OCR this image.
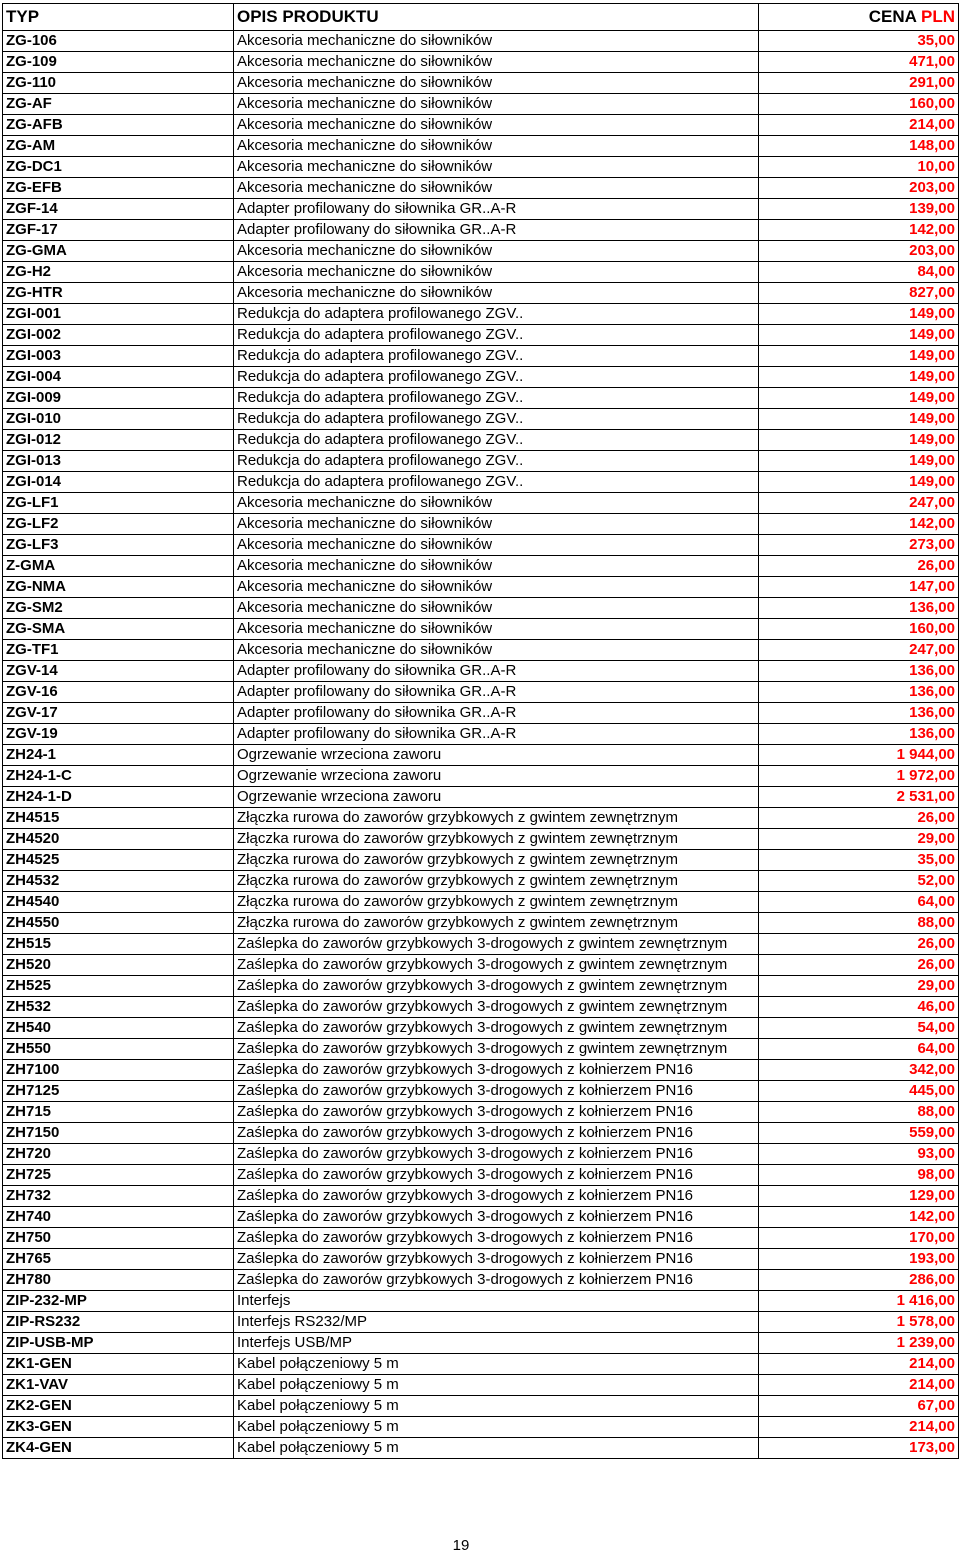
TYP	OPIS PRODUKTU	CENA PLN
ZG-106	Akcesoria mechaniczne do siłowników	35,00
ZG-109	Akcesoria mechaniczne do siłowników	471,00
ZG-110	Akcesoria mechaniczne do siłowników	291,00
ZG-AF	Akcesoria mechaniczne do siłowników	160,00
ZG-AFB	Akcesoria mechaniczne do siłowników	214,00
ZG-AM	Akcesoria mechaniczne do siłowników	148,00
ZG-DC1	Akcesoria mechaniczne do siłowników	10,00
ZG-EFB	Akcesoria mechaniczne do siłowników	203,00
ZGF-14	Adapter profilowany do siłownika GR..A-R	139,00
ZGF-17	Adapter profilowany do siłownika GR..A-R	142,00
ZG-GMA	Akcesoria mechaniczne do siłowników	203,00
ZG-H2	Akcesoria mechaniczne do siłowników	84,00
ZG-HTR	Akcesoria mechaniczne do siłowników	827,00
ZGI-001	Redukcja do adaptera profilowanego ZGV..	149,00
ZGI-002	Redukcja do adaptera profilowanego ZGV..	149,00
ZGI-003	Redukcja do adaptera profilowanego ZGV..	149,00
ZGI-004	Redukcja do adaptera profilowanego ZGV..	149,00
ZGI-009	Redukcja do adaptera profilowanego ZGV..	149,00
ZGI-010	Redukcja do adaptera profilowanego ZGV..	149,00
ZGI-012	Redukcja do adaptera profilowanego ZGV..	149,00
ZGI-013	Redukcja do adaptera profilowanego ZGV..	149,00
ZGI-014	Redukcja do adaptera profilowanego ZGV..	149,00
ZG-LF1	Akcesoria mechaniczne do siłowników	247,00
ZG-LF2	Akcesoria mechaniczne do siłowników	142,00
ZG-LF3	Akcesoria mechaniczne do siłowników	273,00
Z-GMA	Akcesoria mechaniczne do siłowników	26,00
ZG-NMA	Akcesoria mechaniczne do siłowników	147,00
ZG-SM2	Akcesoria mechaniczne do siłowników	136,00
ZG-SMA	Akcesoria mechaniczne do siłowników	160,00
ZG-TF1	Akcesoria mechaniczne do siłowników	247,00
ZGV-14	Adapter profilowany do siłownika GR..A-R	136,00
ZGV-16	Adapter profilowany do siłownika GR..A-R	136,00
ZGV-17	Adapter profilowany do siłownika GR..A-R	136,00
ZGV-19	Adapter profilowany do siłownika GR..A-R	136,00
ZH24-1	Ogrzewanie wrzeciona zaworu	1 944,00
ZH24-1-C	Ogrzewanie wrzeciona zaworu	1 972,00
ZH24-1-D	Ogrzewanie wrzeciona zaworu	2 531,00
ZH4515	Złączka rurowa do zaworów grzybkowych z gwintem zewnętrznym	26,00
ZH4520	Złączka rurowa do zaworów grzybkowych z gwintem zewnętrznym	29,00
ZH4525	Złączka rurowa do zaworów grzybkowych z gwintem zewnętrznym	35,00
ZH4532	Złączka rurowa do zaworów grzybkowych z gwintem zewnętrznym	52,00
ZH4540	Złączka rurowa do zaworów grzybkowych z gwintem zewnętrznym	64,00
ZH4550	Złączka rurowa do zaworów grzybkowych z gwintem zewnętrznym	88,00
ZH515	Zaślepka do zaworów grzybkowych 3-drogowych z gwintem zewnętrznym	26,00
ZH520	Zaślepka do zaworów grzybkowych 3-drogowych z gwintem zewnętrznym	26,00
ZH525	Zaślepka do zaworów grzybkowych 3-drogowych z gwintem zewnętrznym	29,00
ZH532	Zaślepka do zaworów grzybkowych 3-drogowych z gwintem zewnętrznym	46,00
ZH540	Zaślepka do zaworów grzybkowych 3-drogowych z gwintem zewnętrznym	54,00
ZH550	Zaślepka do zaworów grzybkowych 3-drogowych z gwintem zewnętrznym	64,00
ZH7100	Zaślepka do zaworów grzybkowych 3-drogowych z kołnierzem PN16	342,00
ZH7125	Zaślepka do zaworów grzybkowych 3-drogowych z kołnierzem PN16	445,00
ZH715	Zaślepka do zaworów grzybkowych 3-drogowych z kołnierzem PN16	88,00
ZH7150	Zaślepka do zaworów grzybkowych 3-drogowych z kołnierzem PN16	559,00
ZH720	Zaślepka do zaworów grzybkowych 3-drogowych z kołnierzem PN16	93,00
ZH725	Zaślepka do zaworów grzybkowych 3-drogowych z kołnierzem PN16	98,00
ZH732	Zaślepka do zaworów grzybkowych 3-drogowych z kołnierzem PN16	129,00
ZH740	Zaślepka do zaworów grzybkowych 3-drogowych z kołnierzem PN16	142,00
ZH750	Zaślepka do zaworów grzybkowych 3-drogowych z kołnierzem PN16	170,00
ZH765	Zaślepka do zaworów grzybkowych 3-drogowych z kołnierzem PN16	193,00
ZH780	Zaślepka do zaworów grzybkowych 3-drogowych z kołnierzem PN16	286,00
ZIP-232-MP	Interfejs	1 416,00
ZIP-RS232	Interfejs RS232/MP	1 578,00
ZIP-USB-MP	Interfejs USB/MP	1 239,00
ZK1-GEN	Kabel połączeniowy 5 m	214,00
ZK1-VAV	Kabel połączeniowy 5 m	214,00
ZK2-GEN	Kabel połączeniowy 5 m	67,00
ZK3-GEN	Kabel połączeniowy 5 m	214,00
ZK4-GEN	Kabel połączeniowy 5 m	173,00
19
